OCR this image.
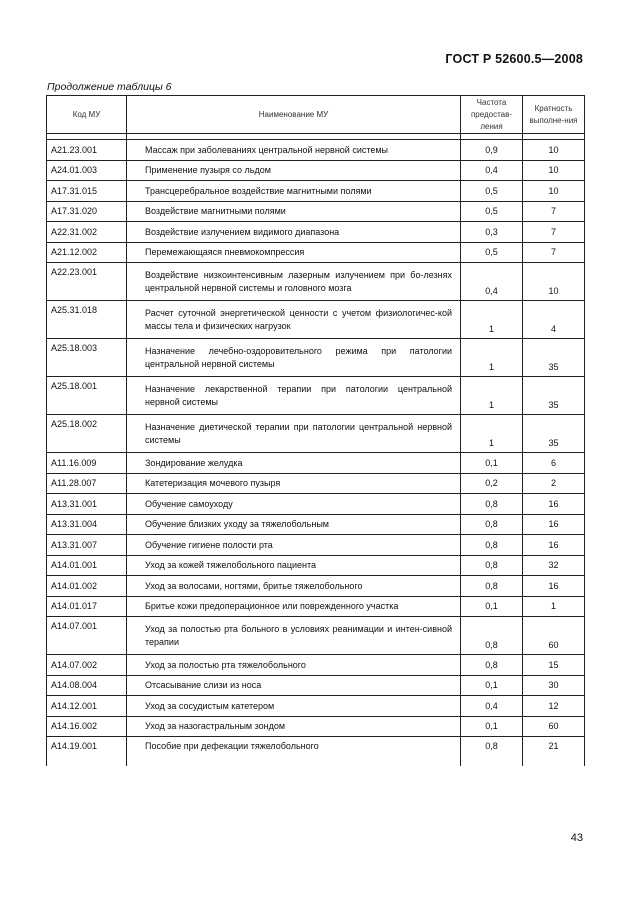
ГОСТ Р 52600.5—2008
Продолжение таблицы 6
Код МУ	Наименование МУ	Частота предостав-ления	Кратность выполне-ния

A21.23.001	Массаж при заболеваниях центральной нервной системы	0,9	10
A24.01.003	Применение пузыря со льдом	0,4	10
A17.31.015	Трансцеребральное воздействие магнитными полями	0,5	10
A17.31.020	Воздействие магнитными полями	0,5	7
A22.31.002	Воздействие излучением видимого диапазона	0,3	7
A21.12.002	Перемежающаяся пневмокомпрессия	0,5	7
A22.23.001	Воздействие низкоинтенсивным лазерным излучением при бо-лезнях центральной нервной системы и головного мозга	0,4	10
A25.31.018	Расчет суточной энергетической ценности с учетом физиологичес-кой массы тела и физических нагрузок	1	4
A25.18.003	Назначение лечебно-оздоровительного режима при патологии центральной нервной системы	1	35
A25.18.001	Назначение лекарственной терапии при патологии центральной нервной системы	1	35
A25.18.002	Назначение диетической терапии при патологии центральной нервной системы	1	35
A11.16.009	Зондирование желудка	0,1	6
A11.28.007	Катетеризация мочевого пузыря	0,2	2
A13.31.001	Обучение самоуходу	0,8	16
A13.31.004	Обучение близких уходу за тяжелобольным	0,8	16
A13.31.007	Обучение гигиене полости рта	0,8	16
A14.01.001	Уход за кожей тяжелобольного пациента	0,8	32
A14.01.002	Уход за волосами, ногтями, бритье тяжелобольного	0,8	16
A14.01.017	Бритье кожи предоперационное или поврежденного участка	0,1	1
A14.07.001	Уход за полостью рта больного в условиях реанимации и интен-сивной терапии	0,8	60
A14.07.002	Уход за полостью рта тяжелобольного	0,8	15
A14.08.004	Отсасывание слизи из носа	0,1	30
A14.12.001	Уход за сосудистым катетером	0,4	12
A14.16.002	Уход за назогастральным зондом	0,1	60
A14.19.001	Пособие при дефекации тяжелобольного	0,8	21
43
